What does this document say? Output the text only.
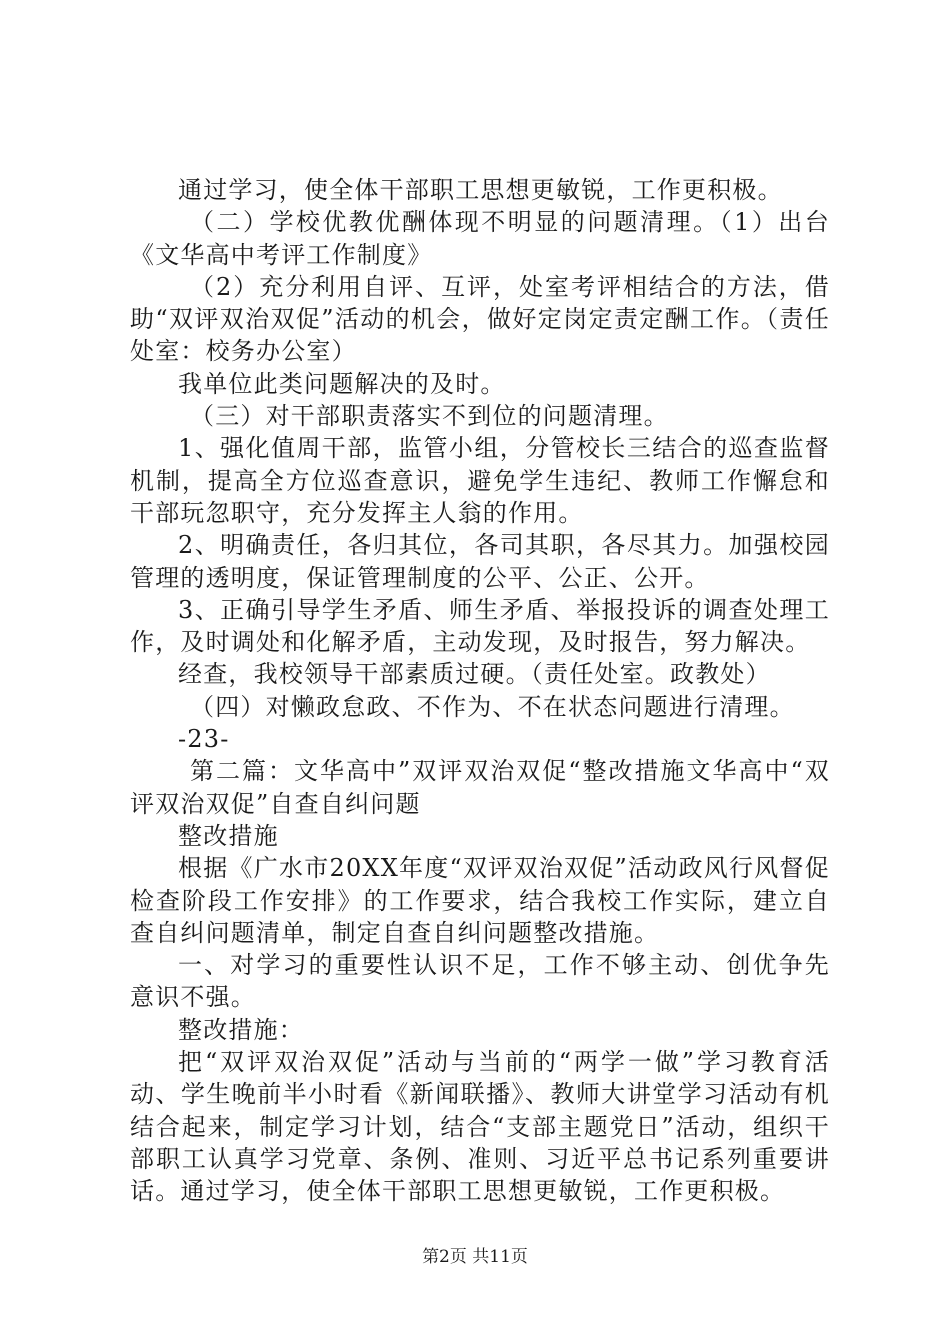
通过学习，使全体干部职工思想更敏锐，工作更积极。

（二）学校优教优酬体现不明显的问题清理。（1）出台《文华高中考评工作制度》

（2）充分利用自评、互评，处室考评相结合的方法，借助“双评双治双促”活动的机会，做好定岗定责定酬工作。（责任处室：校务办公室）

我单位此类问题解决的及时。

（三）对干部职责落实不到位的问题清理。

1、强化值周干部，监管小组，分管校长三结合的巡查监督机制，提高全方位巡查意识，避免学生违纪、教师工作懈怠和干部玩忽职守，充分发挥主人翁的作用。

2、明确责任，各归其位，各司其职，各尽其力。加强校园管理的透明度，保证管理制度的公平、公正、公开。

3、正确引导学生矛盾、师生矛盾、举报投诉的调查处理工作，及时调处和化解矛盾，主动发现，及时报告，努力解决。

经查，我校领导干部素质过硬。（责任处室。政教处）

（四）对懒政怠政、不作为、不在状态问题进行清理。

-23-

第二篇：文华高中”双评双治双促“整改措施文华高中“双评双治双促”自查自纠问题

整改措施

根据《广水市20XX年度“双评双治双促”活动政风行风督促检查阶段工作安排》的工作要求，结合我校工作实际，建立自查自纠问题清单，制定自查自纠问题整改措施。

一、对学习的重要性认识不足，工作不够主动、创优争先意识不强。

整改措施：

把“双评双治双促”活动与当前的“两学一做”学习教育活动、学生晚前半小时看《新闻联播》、教师大讲堂学习活动有机结合起来，制定学习计划，结合“支部主题党日”活动，组织干部职工认真学习党章、条例、准则、习近平总书记系列重要讲话。通过学习，使全体干部职工思想更敏锐，工作更积极。

第2页 共11页
